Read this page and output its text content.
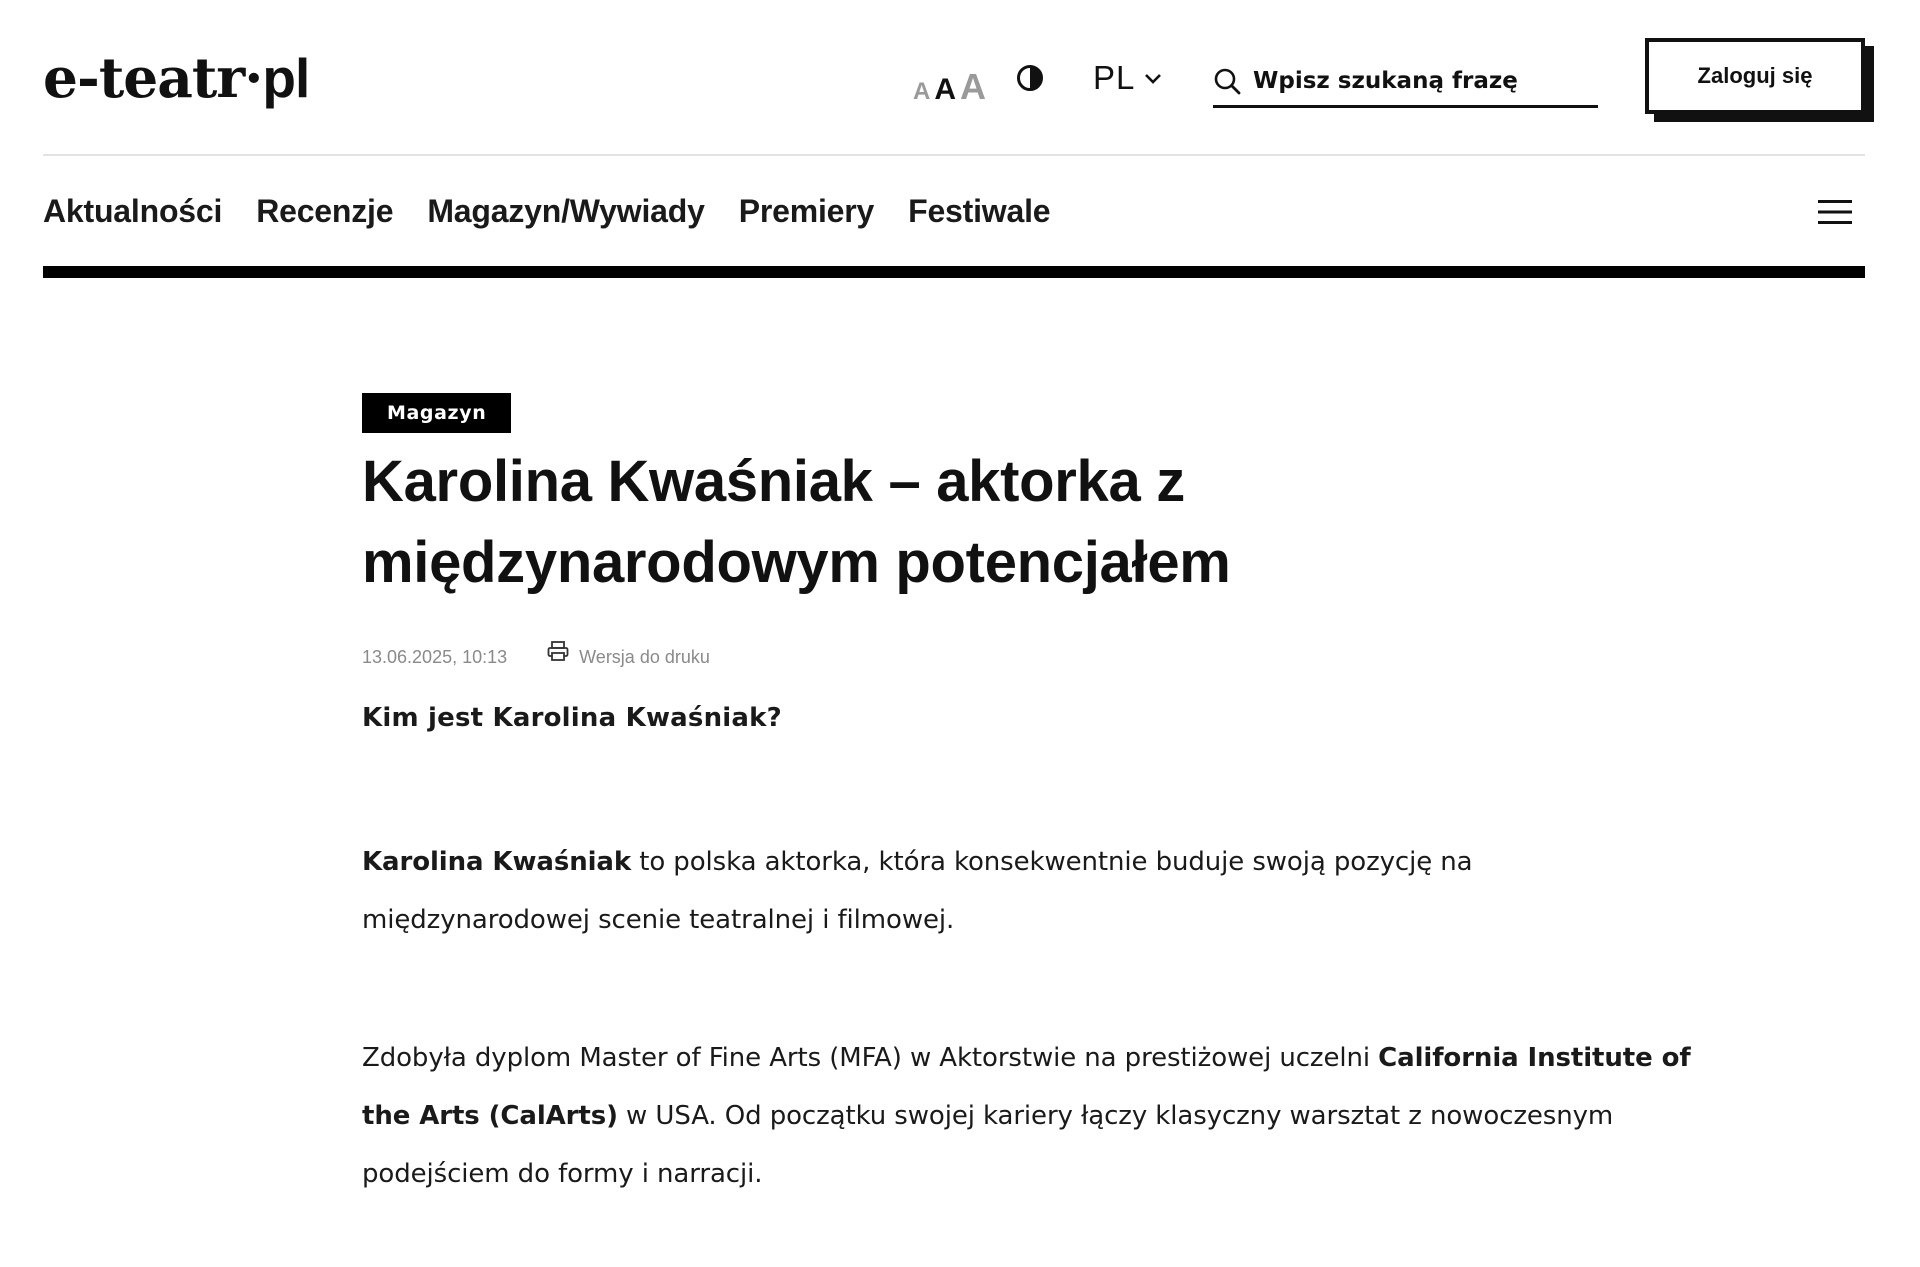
e-teatr·pl	A A A	PL
Wpisz szukaną frazę	Zaloguj się
Aktualności Recenzje Magazyn/Wywiady Premiery Festiwale
Magazyn
Karolina Kwaśniak – aktorka z międzynarodowym potencjałem
13.06.2025, 10:13	Wersja do druku
Kim jest Karolina Kwaśniak?

Karolina Kwaśniak to polska aktorka, która konsekwentnie buduje swoją pozycję na międzynarodowej scenie teatralnej i filmowej.

Zdobyła dyplom Master of Fine Arts (MFA) w Aktorstwie na prestiżowej uczelni California Institute of the Arts (CalArts) w USA. Od początku swojej kariery łączy klasyczny warsztat z nowoczesnym podejściem do formy i narracji.
